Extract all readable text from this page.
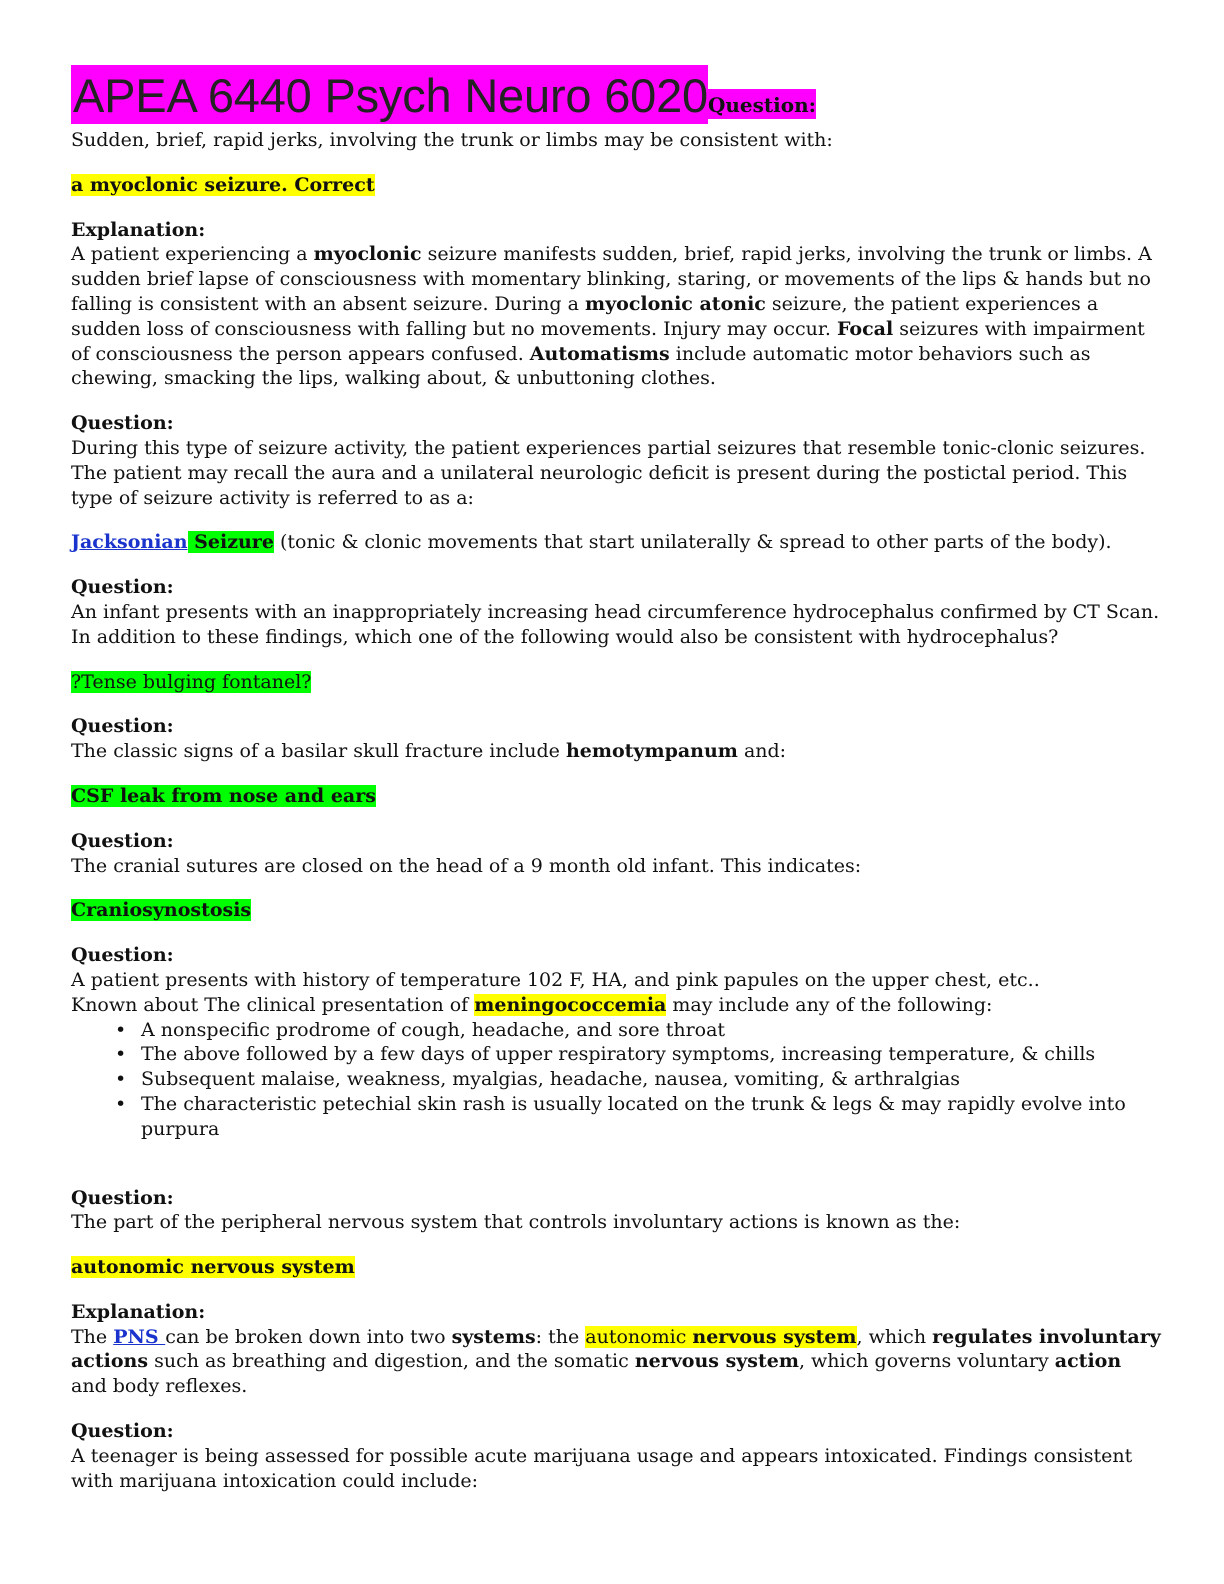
APEA 6440 Psych Neuro 6020Question:

Sudden, brief, rapid jerks, involving the trunk or limbs may be consistent with:

a myoclonic seizure. Correct

Explanation:

A patient experiencing a myoclonic seizure manifests sudden, brief, rapid jerks, involving the trunk or limbs. A sudden brief lapse of consciousness with momentary blinking, staring, or movements of the lips & hands but no falling is consistent with an absent seizure. During a myoclonic atonic seizure, the patient experiences a sudden loss of consciousness with falling but no movements. Injury may occur. Focal seizures with impairment of consciousness the person appears confused. Automatisms include automatic motor behaviors such as chewing, smacking the lips, walking about, & unbuttoning clothes.

Question:

During this type of seizure activity, the patient experiences partial seizures that resemble tonic-clonic seizures. The patient may recall the aura and a unilateral neurologic deficit is present during the postictal period. This type of seizure activity is referred to as a:

Jacksonian Seizure (tonic & clonic movements that start unilaterally & spread to other parts of the body).

Question:

An infant presents with an inappropriately increasing head circumference hydrocephalus confirmed by CT Scan. In addition to these findings, which one of the following would also be consistent with hydrocephalus?

?Tense bulging fontanel?

Question:

The classic signs of a basilar skull fracture include hemotympanum and:

CSF leak from nose and ears

Question:

The cranial sutures are closed on the head of a 9 month old infant. This indicates:

Craniosynostosis

Question:

A patient presents with history of temperature 102 F, HA, and pink papules on the upper chest, etc..

Known about The clinical presentation of meningococcemia may include any of the following:

• A nonspecific prodrome of cough, headache, and sore throat
• The above followed by a few days of upper respiratory symptoms, increasing temperature, & chills
• Subsequent malaise, weakness, myalgias, headache, nausea, vomiting, & arthralgias
• The characteristic petechial skin rash is usually located on the trunk & legs & may rapidly evolve into purpura

Question:

The part of the peripheral nervous system that controls involuntary actions is known as the:

autonomic nervous system

Explanation:

The PNS can be broken down into two systems: the autonomic nervous system, which regulates involuntary actions such as breathing and digestion, and the somatic nervous system, which governs voluntary action and body reflexes.

Question:

A teenager is being assessed for possible acute marijuana usage and appears intoxicated. Findings consistent with marijuana intoxication could include:
